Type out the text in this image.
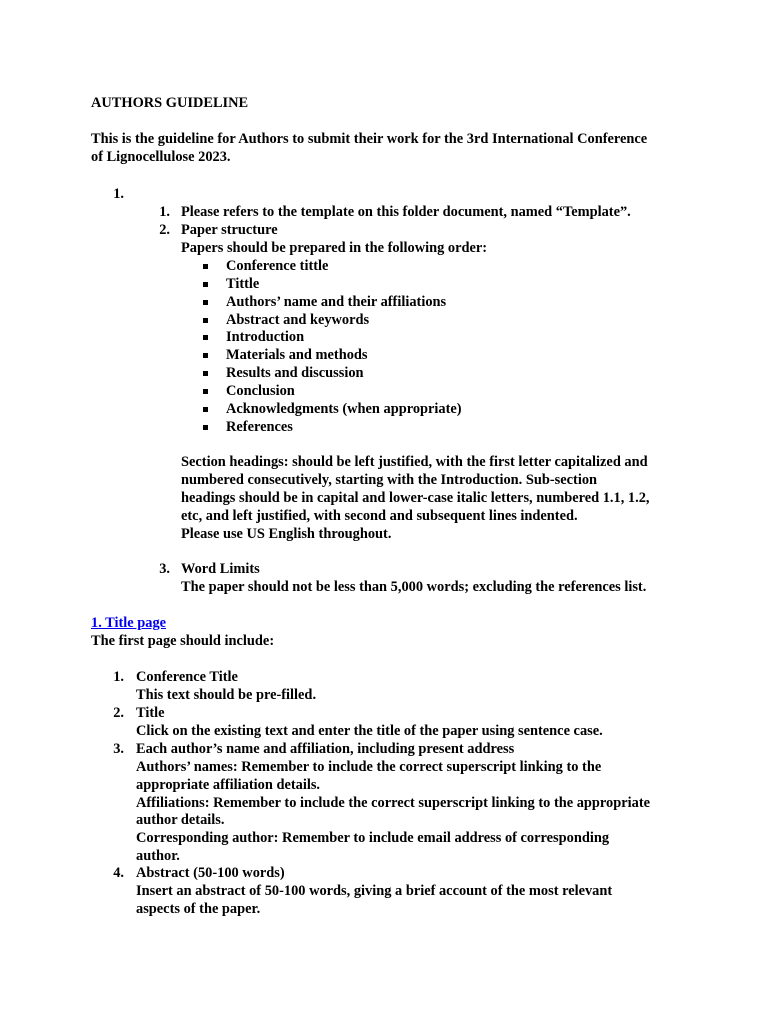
AUTHORS GUIDELINE
This is the guideline for Authors to submit their work for the 3rd International Conference
of Lignocellulose 2023.
1.
1. Please refers to the template on this folder document, named “Template”.
2. Paper structure
Papers should be prepared in the following order:
Conference tittle
Tittle
Authors’ name and their affiliations
Abstract and keywords
Introduction
Materials and methods
Results and discussion
Conclusion
Acknowledgments (when appropriate)
References
Section headings: should be left justified, with the first letter capitalized and
numbered consecutively, starting with the Introduction. Sub-section
headings should be in capital and lower-case italic letters, numbered 1.1, 1.2,
etc, and left justified, with second and subsequent lines indented.
Please use US English throughout.
3. Word Limits
The paper should not be less than 5,000 words; excluding the references list.
1. Title page
The first page should include:
1. Conference Title
This text should be pre-filled.
2. Title
Click on the existing text and enter the title of the paper using sentence case.
3. Each author’s name and affiliation, including present address
Authors’ names: Remember to include the correct superscript linking to the
appropriate affiliation details.
Affiliations: Remember to include the correct superscript linking to the appropriate
author details.
Corresponding author: Remember to include email address of corresponding
author.
4. Abstract (50-100 words)
Insert an abstract of 50-100 words, giving a brief account of the most relevant
aspects of the paper.
